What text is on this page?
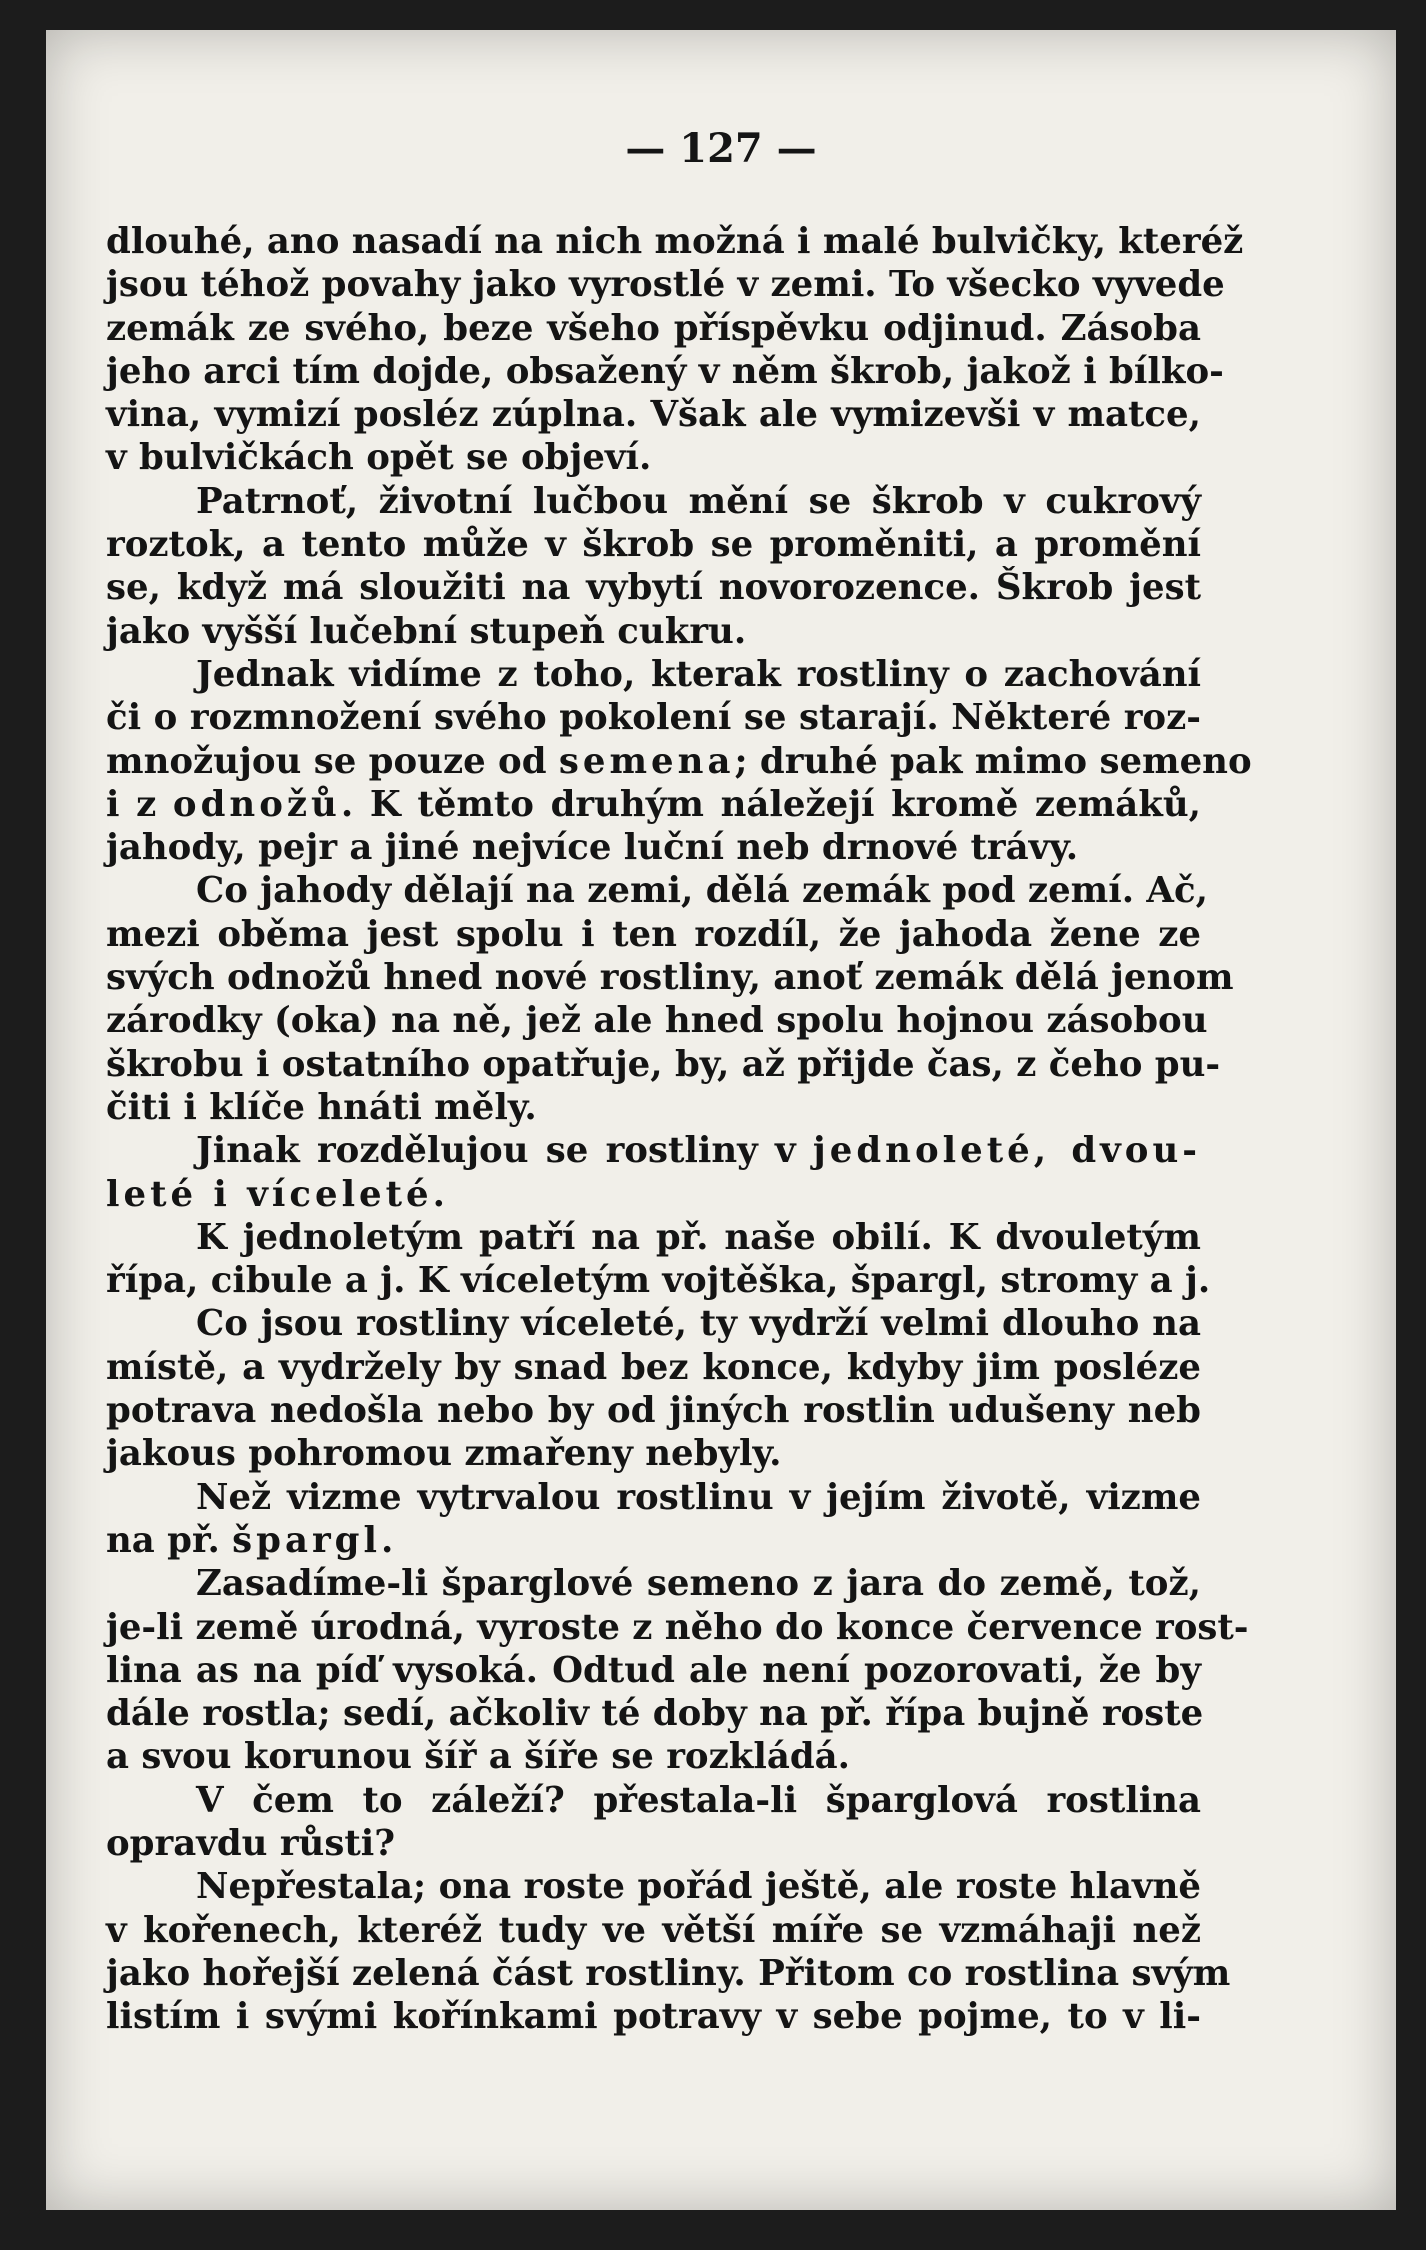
— 127 —
dlouhé, ano nasadí na nich možná i malé bulvičky, kteréž
jsou téhož povahy jako vyrostlé v zemi. To všecko vyvede
zemák ze svého, beze všeho příspěvku odjinud. Zásoba
jeho arci tím dojde, obsažený v něm škrob, jakož i bílko-
vina, vymizí posléz zúplna. Však ale vymizevši v matce,
v bulvičkách opět se objeví.
Patrnoť, životní lučbou mění se škrob v cukrový
roztok, a tento může v škrob se proměniti, a promění
se, když má sloužiti na vybytí novorozence. Škrob jest
jako vyšší lučební stupeň cukru.
Jednak vidíme z toho, kterak rostliny o zachování
či o rozmnožení svého pokolení se starají. Některé roz-
množujou se pouze od semena; druhé pak mimo semeno
i z odnožů. K těmto druhým náležejí kromě zemáků,
jahody, pejr a jiné nejvíce luční neb drnové trávy.
Co jahody dělají na zemi, dělá zemák pod zemí. Ač,
mezi oběma jest spolu i ten rozdíl, že jahoda žene ze
svých odnožů hned nové rostliny, anoť zemák dělá jenom
zárodky (oka) na ně, jež ale hned spolu hojnou zásobou
škrobu i ostatního opatřuje, by, až přijde čas, z čeho pu-
čiti i klíče hnáti měly.
Jinak rozdělujou se rostliny v jednoleté, dvou-
leté i víceleté.
K jednoletým patří na př. naše obilí. K dvouletým
řípa, cibule a j. K víceletým vojtěška, špargl, stromy a j.
Co jsou rostliny víceleté, ty vydrží velmi dlouho na
místě, a vydržely by snad bez konce, kdyby jim posléze
potrava nedošla nebo by od jiných rostlin udušeny neb
jakous pohromou zmařeny nebyly.
Než vizme vytrvalou rostlinu v jejím životě, vizme
na př. špargl.
Zasadíme-li šparglové semeno z jara do země, tož,
je-li země úrodná, vyroste z něho do konce července rost-
lina as na píď vysoká. Odtud ale není pozorovati, že by
dále rostla; sedí, ačkoliv té doby na př. řípa bujně roste
a svou korunou šíř a šíře se rozkládá.
V čem to záleží? přestala-li šparglová rostlina
opravdu růsti?
Nepřestala; ona roste pořád ještě, ale roste hlavně
v kořenech, kteréž tudy ve větší míře se vzmáhaji než
jako hořejší zelená část rostliny. Přitom co rostlina svým
listím i svými kořínkami potravy v sebe pojme, to v li-
